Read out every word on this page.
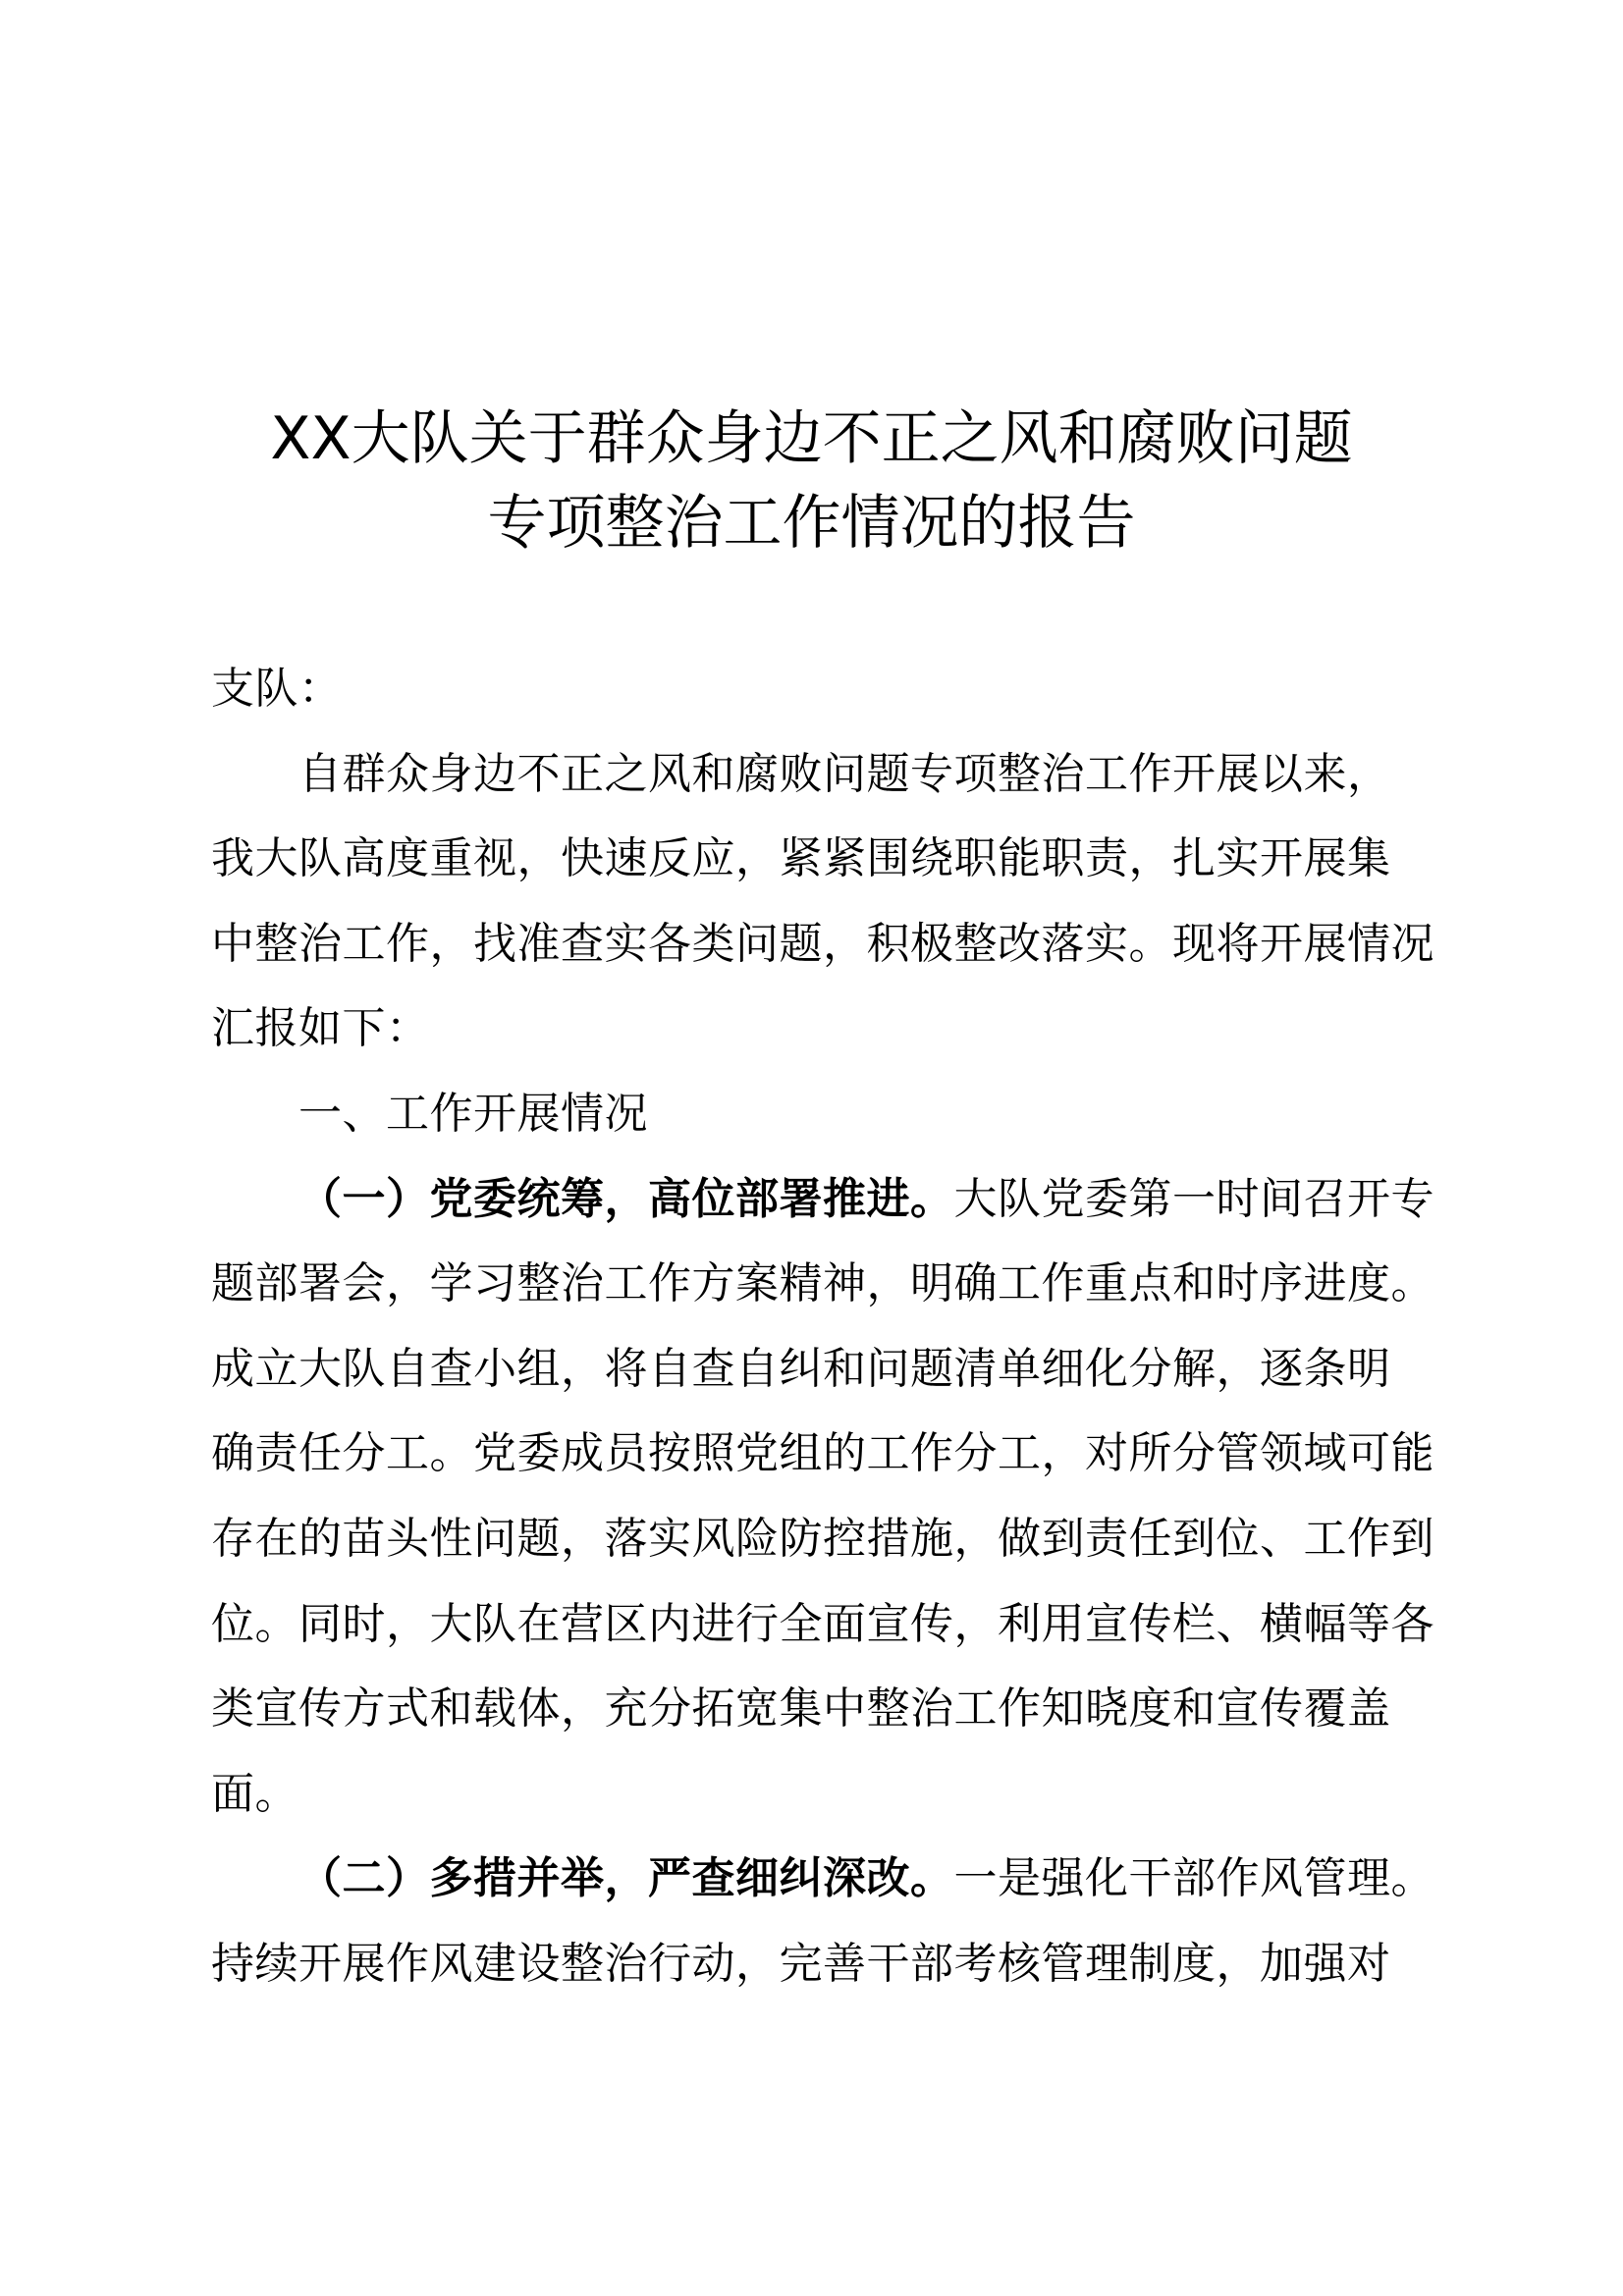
XX大队关于群众身边不正之风和腐败问题
专项整治工作情况的报告
支队：
自群众身边不正之风和腐败问题专项整治工作开展以来，
我大队高度重视，快速反应，紧紧围绕职能职责，扎实开展集
中整治工作，找准查实各类问题，积极整改落实。现将开展情况
汇报如下：
一、工作开展情况
（一）党委统筹，高位部署推进。大队党委第一时间召开专
题部署会，学习整治工作方案精神，明确工作重点和时序进度。
成立大队自查小组，将自查自纠和问题清单细化分解，逐条明
确责任分工。党委成员按照党组的工作分工，对所分管领域可能
存在的苗头性问题，落实风险防控措施，做到责任到位、工作到
位。同时，大队在营区内进行全面宣传，利用宣传栏、横幅等各
类宣传方式和载体，充分拓宽集中整治工作知晓度和宣传覆盖
面。
（二）多措并举，严查细纠深改。一是强化干部作风管理。
持续开展作风建设整治行动，完善干部考核管理制度，加强对
